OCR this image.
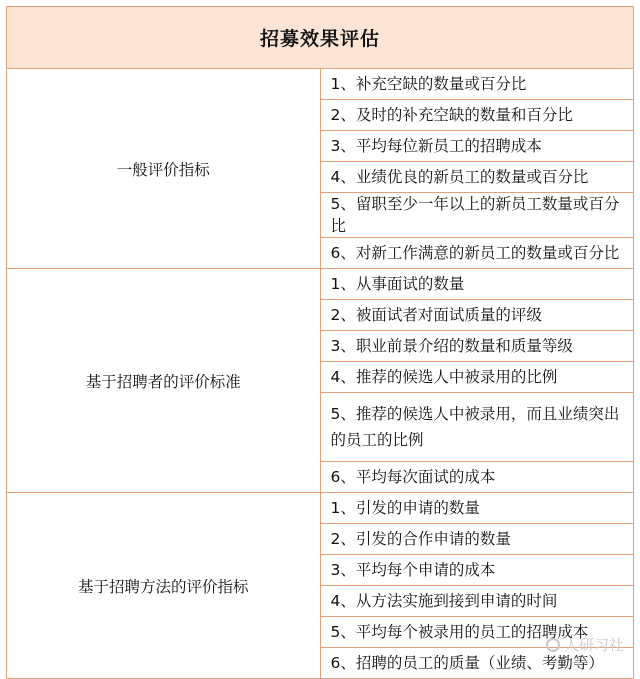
招募效果评估	
一般评价指标	1、补充空缺的数量或百分比
	2、及时的补充空缺的数量和百分比
	3、平均每位新员工的招聘成本
	4、业绩优良的新员工的数量或百分比
	5、留职至少一年以上的新员工数量或百分比
	6、对新工作满意的新员工的数量或百分比
基于招聘者的评价标准	1、从事面试的数量
	2、被面试者对面试质量的评级
	3、职业前景介绍的数量和质量等级
	4、推荐的候选人中被录用的比例
	5、推荐的候选人中被录用，而且业绩突出的员工的比例
	6、平均每次面试的成本
基于招聘方法的评价指标	1、引发的申请的数量
	2、引发的合作申请的数量
	3、平均每个申请的成本
	4、从方法实施到接到申请的时间
	5、平均每个被录用的员工的招聘成本
	6、招聘的员工的质量（业绩、考勤等）
人研习社
